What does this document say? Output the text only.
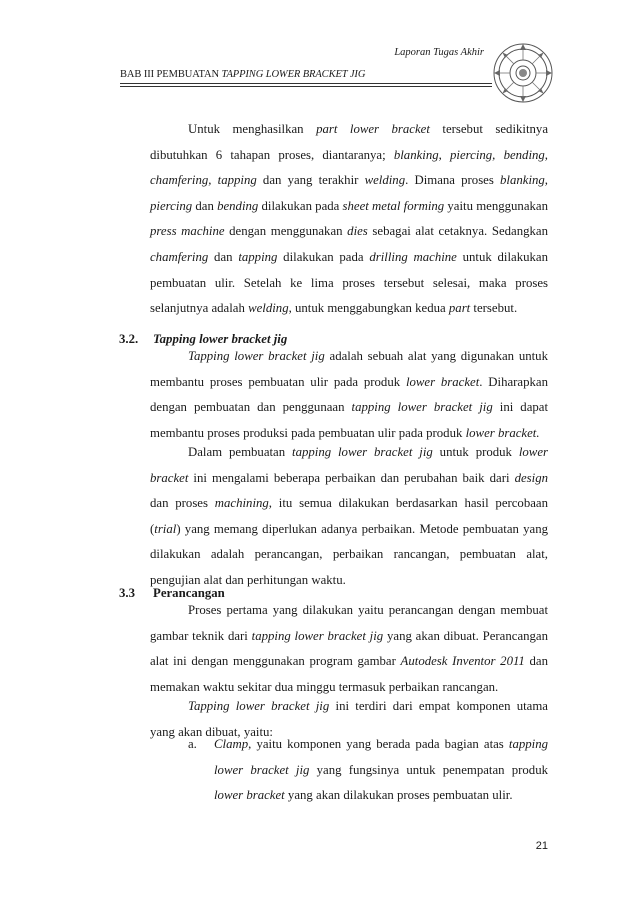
Laporan Tugas Akhir
BAB III PEMBUATAN TAPPING LOWER BRACKET JIG
Untuk menghasilkan part lower bracket tersebut sedikitnya dibutuhkan 6 tahapan proses, diantaranya; blanking, piercing, bending, chamfering, tapping dan yang terakhir welding. Dimana proses blanking, piercing dan bending dilakukan pada sheet metal forming yaitu menggunakan press machine dengan menggunakan dies sebagai alat cetaknya. Sedangkan chamfering dan tapping dilakukan pada drilling machine untuk dilakukan pembuatan ulir. Setelah ke lima proses tersebut selesai, maka proses selanjutnya adalah welding, untuk menggabungkan kedua part tersebut.
3.2. Tapping lower bracket jig
Tapping lower bracket jig adalah sebuah alat yang digunakan untuk membantu proses pembuatan ulir pada produk lower bracket. Diharapkan dengan pembuatan dan penggunaan tapping lower bracket jig ini dapat membantu proses produksi pada pembuatan ulir pada produk lower bracket.
Dalam pembuatan tapping lower bracket jig untuk produk lower bracket ini mengalami beberapa perbaikan dan perubahan baik dari design dan proses machining, itu semua dilakukan berdasarkan hasil percobaan (trial) yang memang diperlukan adanya perbaikan. Metode pembuatan yang dilakukan adalah perancangan, perbaikan rancangan, pembuatan alat, pengujian alat dan perhitungan waktu.
3.3 Perancangan
Proses pertama yang dilakukan yaitu perancangan dengan membuat gambar teknik dari tapping lower bracket jig yang akan dibuat. Perancangan alat ini dengan menggunakan program gambar Autodesk Inventor 2011 dan memakan waktu sekitar dua minggu termasuk perbaikan rancangan.
Tapping lower bracket jig ini terdiri dari empat komponen utama yang akan dibuat, yaitu:
a. Clamp, yaitu komponen yang berada pada bagian atas tapping lower bracket jig yang fungsinya untuk penempatan produk lower bracket yang akan dilakukan proses pembuatan ulir.
21
